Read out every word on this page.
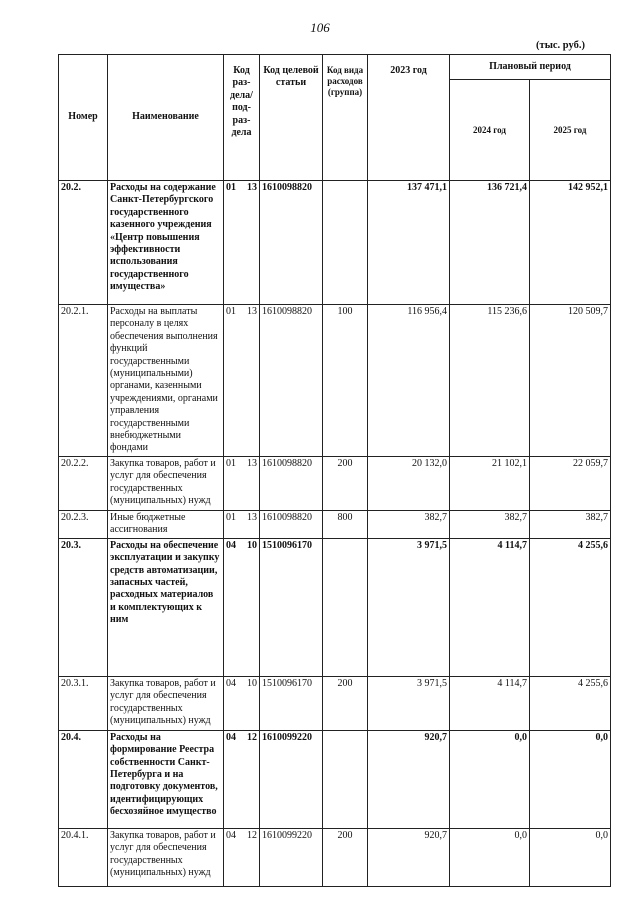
106
(тыс. руб.)
Номер	Наименование	Код раз-дела/ под-раз-дела	Код целевой статьи	Код вида расходов (группа)	2023 год	Плановый период	
						2024 год	2025 год
20.2.	Расходы на содержание Санкт-Петербургского государственного казенного учреждения «Центр повышения эффективности использования государственного имущества»	01 13	1610098820		137 471,1	136 721,4	142 952,1
20.2.1.	Расходы на выплаты персоналу в целях обеспечения выполнения функций государственными (муниципальными) органами, казенными учреждениями, органами управления государственными внебюджетными фондами	01 13	1610098820	100	116 956,4	115 236,6	120 509,7
20.2.2.	Закупка товаров, работ и услуг для обеспечения государственных (муниципальных) нужд	01 13	1610098820	200	20 132,0	21 102,1	22 059,7
20.2.3.	Иные бюджетные ассигнования	01 13	1610098820	800	382,7	382,7	382,7
20.3.	Расходы на обеспечение эксплуатации и закупку средств автоматизации, запасных частей, расходных материалов и комплектующих к ним	04 10	1510096170		3 971,5	4 114,7	4 255,6
20.3.1.	Закупка товаров, работ и услуг для обеспечения государственных (муниципальных) нужд	04 10	1510096170	200	3 971,5	4 114,7	4 255,6
20.4.	Расходы на формирование Реестра собственности Санкт-Петербурга и на подготовку документов, идентифицирующих бесхозяйное имущество	04 12	1610099220		920,7	0,0	0,0
20.4.1.	Закупка товаров, работ и услуг для обеспечения государственных (муниципальных) нужд	04 12	1610099220	200	920,7	0,0	0,0
